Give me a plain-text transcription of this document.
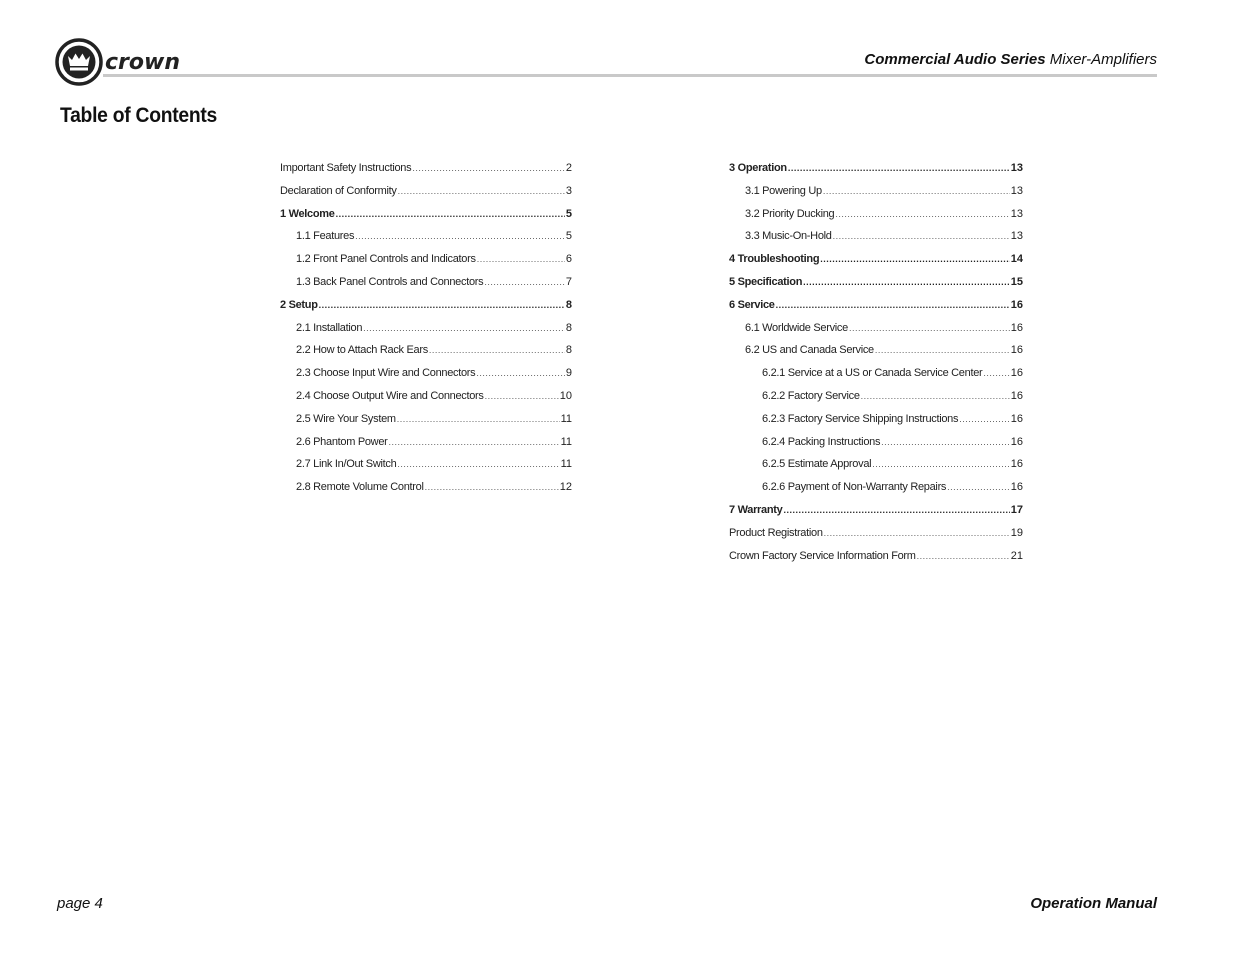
crown	Commercial Audio Series Mixer-Amplifiers
Table of Contents
Important Safety Instructions .....	2
Declaration of Conformity .....	3
1 Welcome .....	5
1.1 Features .....	5
1.2 Front Panel Controls and Indicators .....	6
1.3 Back Panel Controls and Connectors .....	7
2 Setup .....	8
2.1 Installation .....	8
2.2 How to Attach Rack Ears .....	8
2.3 Choose Input Wire and Connectors .....	9
2.4 Choose Output Wire and Connectors .....	10
2.5 Wire Your System .....	11
2.6 Phantom Power .....	11
2.7 Link In/Out Switch .....	11
2.8 Remote Volume Control .....	12
3 Operation .....	13
3.1 Powering Up .....	13
3.2 Priority Ducking .....	13
3.3 Music-On-Hold .....	13
4 Troubleshooting .....	14
5 Specification .....	15
6 Service .....	16
6.1 Worldwide Service .....	16
6.2 US and Canada Service .....	16
6.2.1 Service at a US or Canada Service Center .....	16
6.2.2 Factory Service .....	16
6.2.3 Factory Service Shipping Instructions .....	16
6.2.4 Packing Instructions .....	16
6.2.5 Estimate Approval .....	16
6.2.6 Payment of Non-Warranty Repairs .....	16
7 Warranty .....	17
Product Registration .....	19
Crown Factory Service Information Form .....	21
page 4	Operation Manual
